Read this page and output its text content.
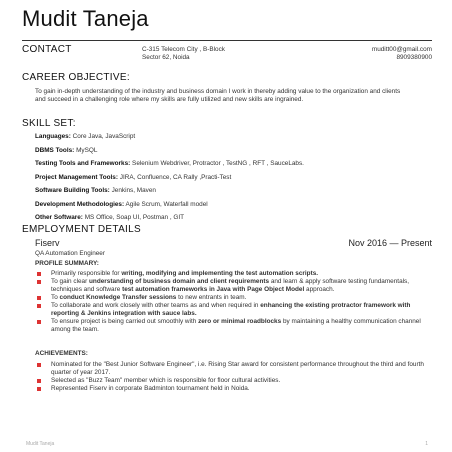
Mudit Taneja
CONTACT	C-315 Telecom City , B-Block
Sector 62, Noida
muditt00@gmail.com
8909380900
CAREER OBJECTIVE:
To gain in-depth understanding of the industry and business domain I work in thereby adding value to the organization and clients and succeed in a challenging role where my skills are fully utilized and new skills are ingrained.
SKILL SET:
Languages: Core Java, JavaScript
DBMS Tools: MySQL
Testing Tools and Frameworks: Selenium Webdriver, Protractor , TestNG , RFT , SauceLabs.
Project Management Tools: JIRA, Confluence, CA Rally ,Practi-Test
Software Building Tools: Jenkins, Maven
Development Methodologies: Agile Scrum, Waterfall model
Other Software: MS Office, Soap UI, Postman , GIT
EMPLOYMENT DETAILS
Fiserv	Nov 2016 — Present
QA Automation Engineer
PROFILE SUMMARY:
Primarily responsible for writing, modifying and implementing the test automation scripts.
To gain clear understanding of business domain and client requirements and learn & apply software testing fundamentals, techniques and software test automation frameworks in Java with Page Object Model approach.
To conduct Knowledge Transfer sessions to new entrants in team.
To collaborate and work closely with other teams as and when required in enhancing the existing protractor framework with reporting & Jenkins integration with sauce labs.
To ensure project is being carried out smoothly with zero or minimal roadblocks by maintaining a healthy communication channel among the team.
ACHIEVEMENTS:
Nominated for the "Best Junior Software Engineer", i.e. Rising Star award for consistent performance throughout the third and fourth quarter of year 2017.
Selected as "Buzz Team" member which is responsible for floor cultural activities.
Represented Fiserv in corporate Badminton tournament held in Noida.
Mudit Taneja	1
